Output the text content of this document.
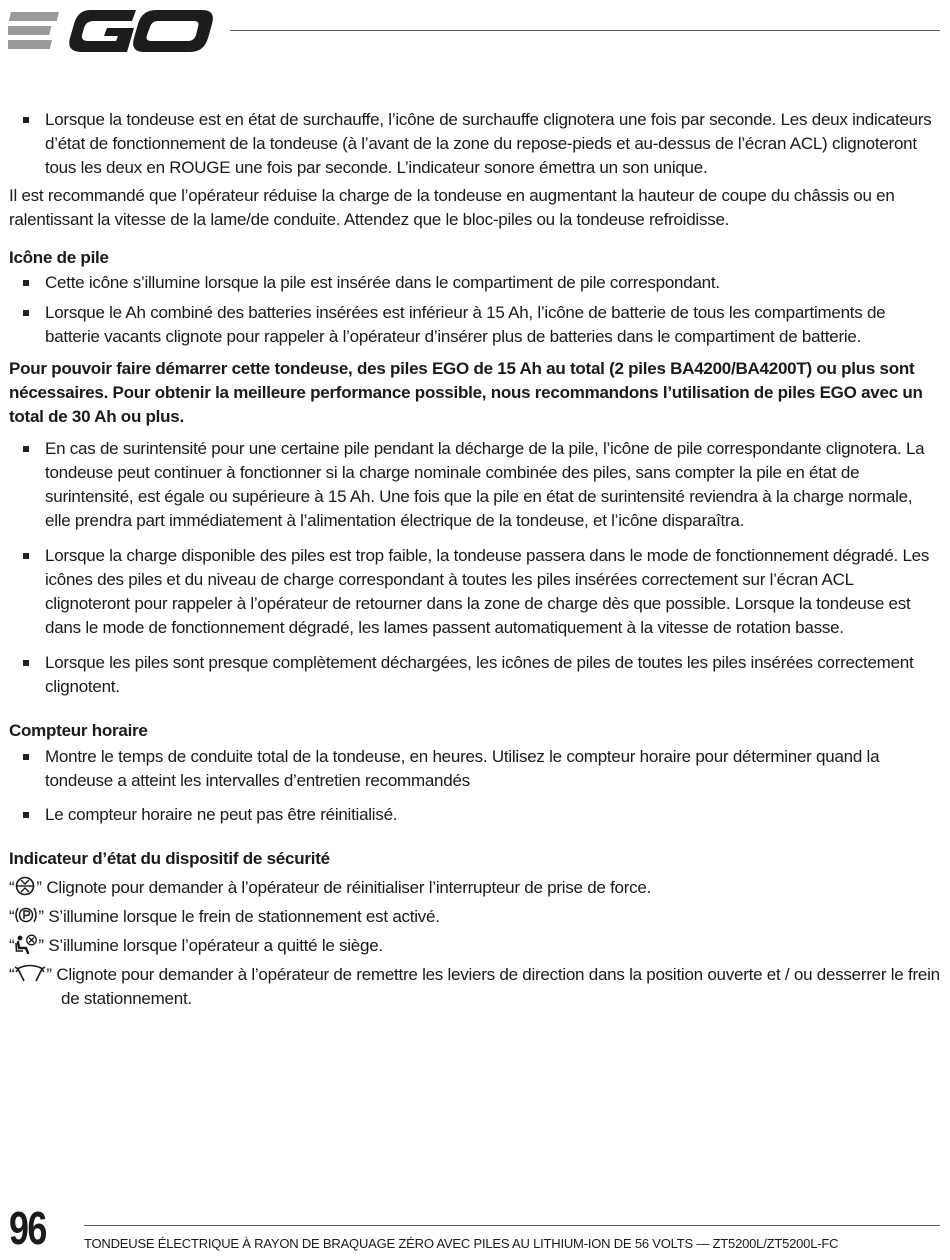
Lorsque la tondeuse est en état de surchauffe, l’icône de surchauffe clignotera une fois par seconde. Les deux indicateurs d’état de fonctionnement de la tondeuse (à l’avant de la zone du repose-pieds et au-dessus de l’écran ACL) clignoteront tous les deux en ROUGE une fois par seconde. L’indicateur sonore émettra un son unique.

Il est recommandé que l’opérateur réduise la charge de la tondeuse en augmentant la hauteur de coupe du châssis ou en ralentissant la vitesse de la lame/de conduite. Attendez que le bloc-piles ou la tondeuse refroidisse.

Icône de pile

Cette icône s’illumine lorsque la pile est insérée dans le compartiment de pile correspondant.

Lorsque le Ah combiné des batteries insérées est inférieur à 15 Ah, l’icône de batterie de tous les compartiments de batterie vacants clignote pour rappeler à l’opérateur d’insérer plus de batteries dans le compartiment de batterie.

Pour pouvoir faire démarrer cette tondeuse, des piles EGO de 15 Ah au total (2 piles BA4200/BA4200T) ou plus sont nécessaires. Pour obtenir la meilleure performance possible, nous recommandons l’utilisation de piles EGO avec un total de 30 Ah ou plus.

En cas de surintensité pour une certaine pile pendant la décharge de la pile, l’icône de pile correspondante clignotera. La tondeuse peut continuer à fonctionner si la charge nominale combinée des piles, sans compter la pile en état de surintensité, est égale ou supérieure à 15 Ah. Une fois que la pile en état de surintensité reviendra à la charge normale, elle prendra part immédiatement à l’alimentation électrique de la tondeuse, et l’icône disparaîtra.

Lorsque la charge disponible des piles est trop faible, la tondeuse passera dans le mode de fonctionnement dégradé. Les icônes des piles et du niveau de charge correspondant à toutes les piles insérées correctement sur l’écran ACL clignoteront pour rappeler à l’opérateur de retourner dans la zone de charge dès que possible. Lorsque la tondeuse est dans le mode de fonctionnement dégradé, les lames passent automatiquement à la vitesse de rotation basse.

Lorsque les piles sont presque complètement déchargées, les icônes de piles de toutes les piles insérées correctement clignotent.

Compteur horaire

Montre le temps de conduite total de la tondeuse, en heures. Utilisez le compteur horaire pour déterminer quand la tondeuse a atteint les intervalles d’entretien recommandés

Le compteur horaire ne peut pas être réinitialisé.

Indicateur d’état du dispositif de sécurité

“ ” Clignote pour demander à l’opérateur de réinitialiser l’interrupteur de prise de force.

“ ” S’illumine lorsque le frein de stationnement est activé.

“ ” S’illumine lorsque l’opérateur a quitté le siège.

“ ” Clignote pour demander à l’opérateur de remettre les leviers de direction dans la position ouverte et / ou desserrer le frein de stationnement.

96	TONDEUSE ÉLECTRIQUE À RAYON DE BRAQUAGE ZÉRO AVEC PILES AU LITHIUM-ION DE 56 VOLTS — ZT5200L/ZT5200L-FC
